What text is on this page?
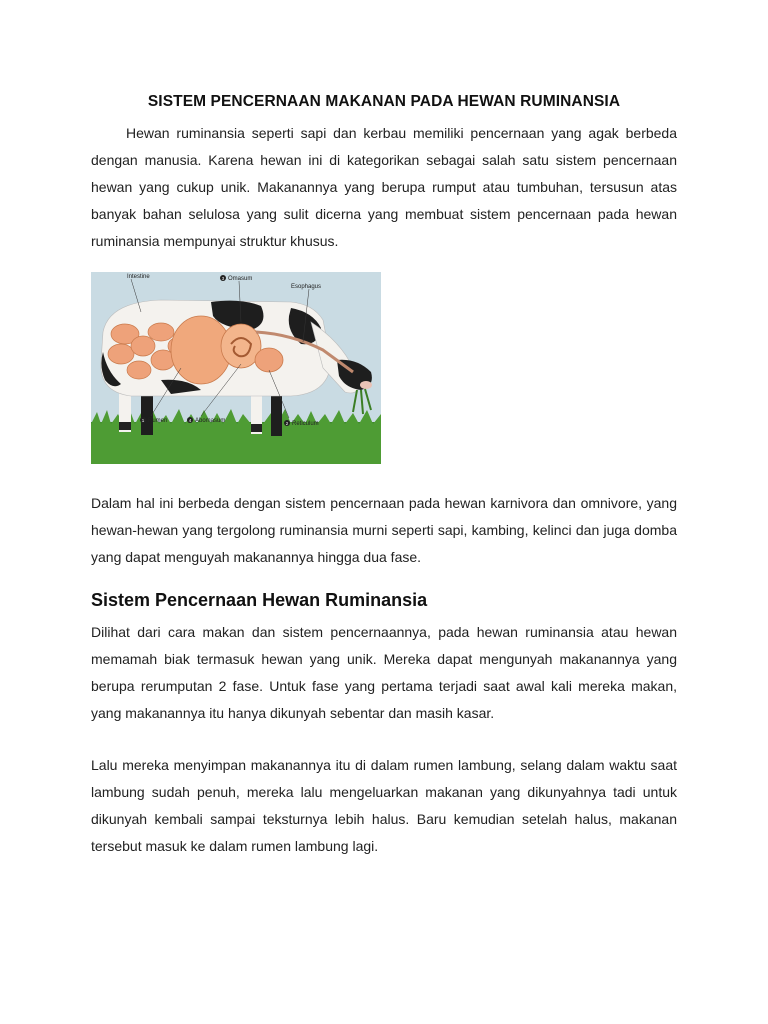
SISTEM PENCERNAAN MAKANAN PADA HEWAN RUMINANSIA

Hewan ruminansia seperti sapi dan kerbau memiliki pencernaan yang agak berbeda dengan manusia. Karena hewan ini di kategorikan sebagai salah satu sistem pencernaan hewan yang cukup unik. Makanannya yang berupa rumput atau tumbuhan, tersusun atas banyak bahan selulosa yang sulit dicerna yang membuat sistem pencernaan pada hewan ruminansia mempunyai struktur khusus.

Intestine	3 Omasum
Esophagus
1 Rumen	4 Abomasum	2 Reticulum

Dalam hal ini berbeda dengan sistem pencernaan pada hewan karnivora dan omnivore, yang hewan-hewan yang tergolong ruminansia murni seperti sapi, kambing, kelinci dan juga domba yang dapat menguyah makanannya hingga dua fase.

Sistem Pencernaan Hewan Ruminansia

Dilihat dari cara makan dan sistem pencernaannya, pada hewan ruminansia atau hewan memamah biak termasuk hewan yang unik. Mereka dapat mengunyah makanannya yang berupa rerumputan 2 fase. Untuk fase yang pertama terjadi saat awal kali mereka makan, yang makanannya itu hanya dikunyah sebentar dan masih kasar.

Lalu mereka menyimpan makanannya itu di dalam rumen lambung, selang dalam waktu saat lambung sudah penuh, mereka lalu mengeluarkan makanan yang dikunyahnya tadi untuk dikunyah kembali sampai teksturnya lebih halus. Baru kemudian setelah halus, makanan tersebut masuk ke dalam rumen lambung lagi.
